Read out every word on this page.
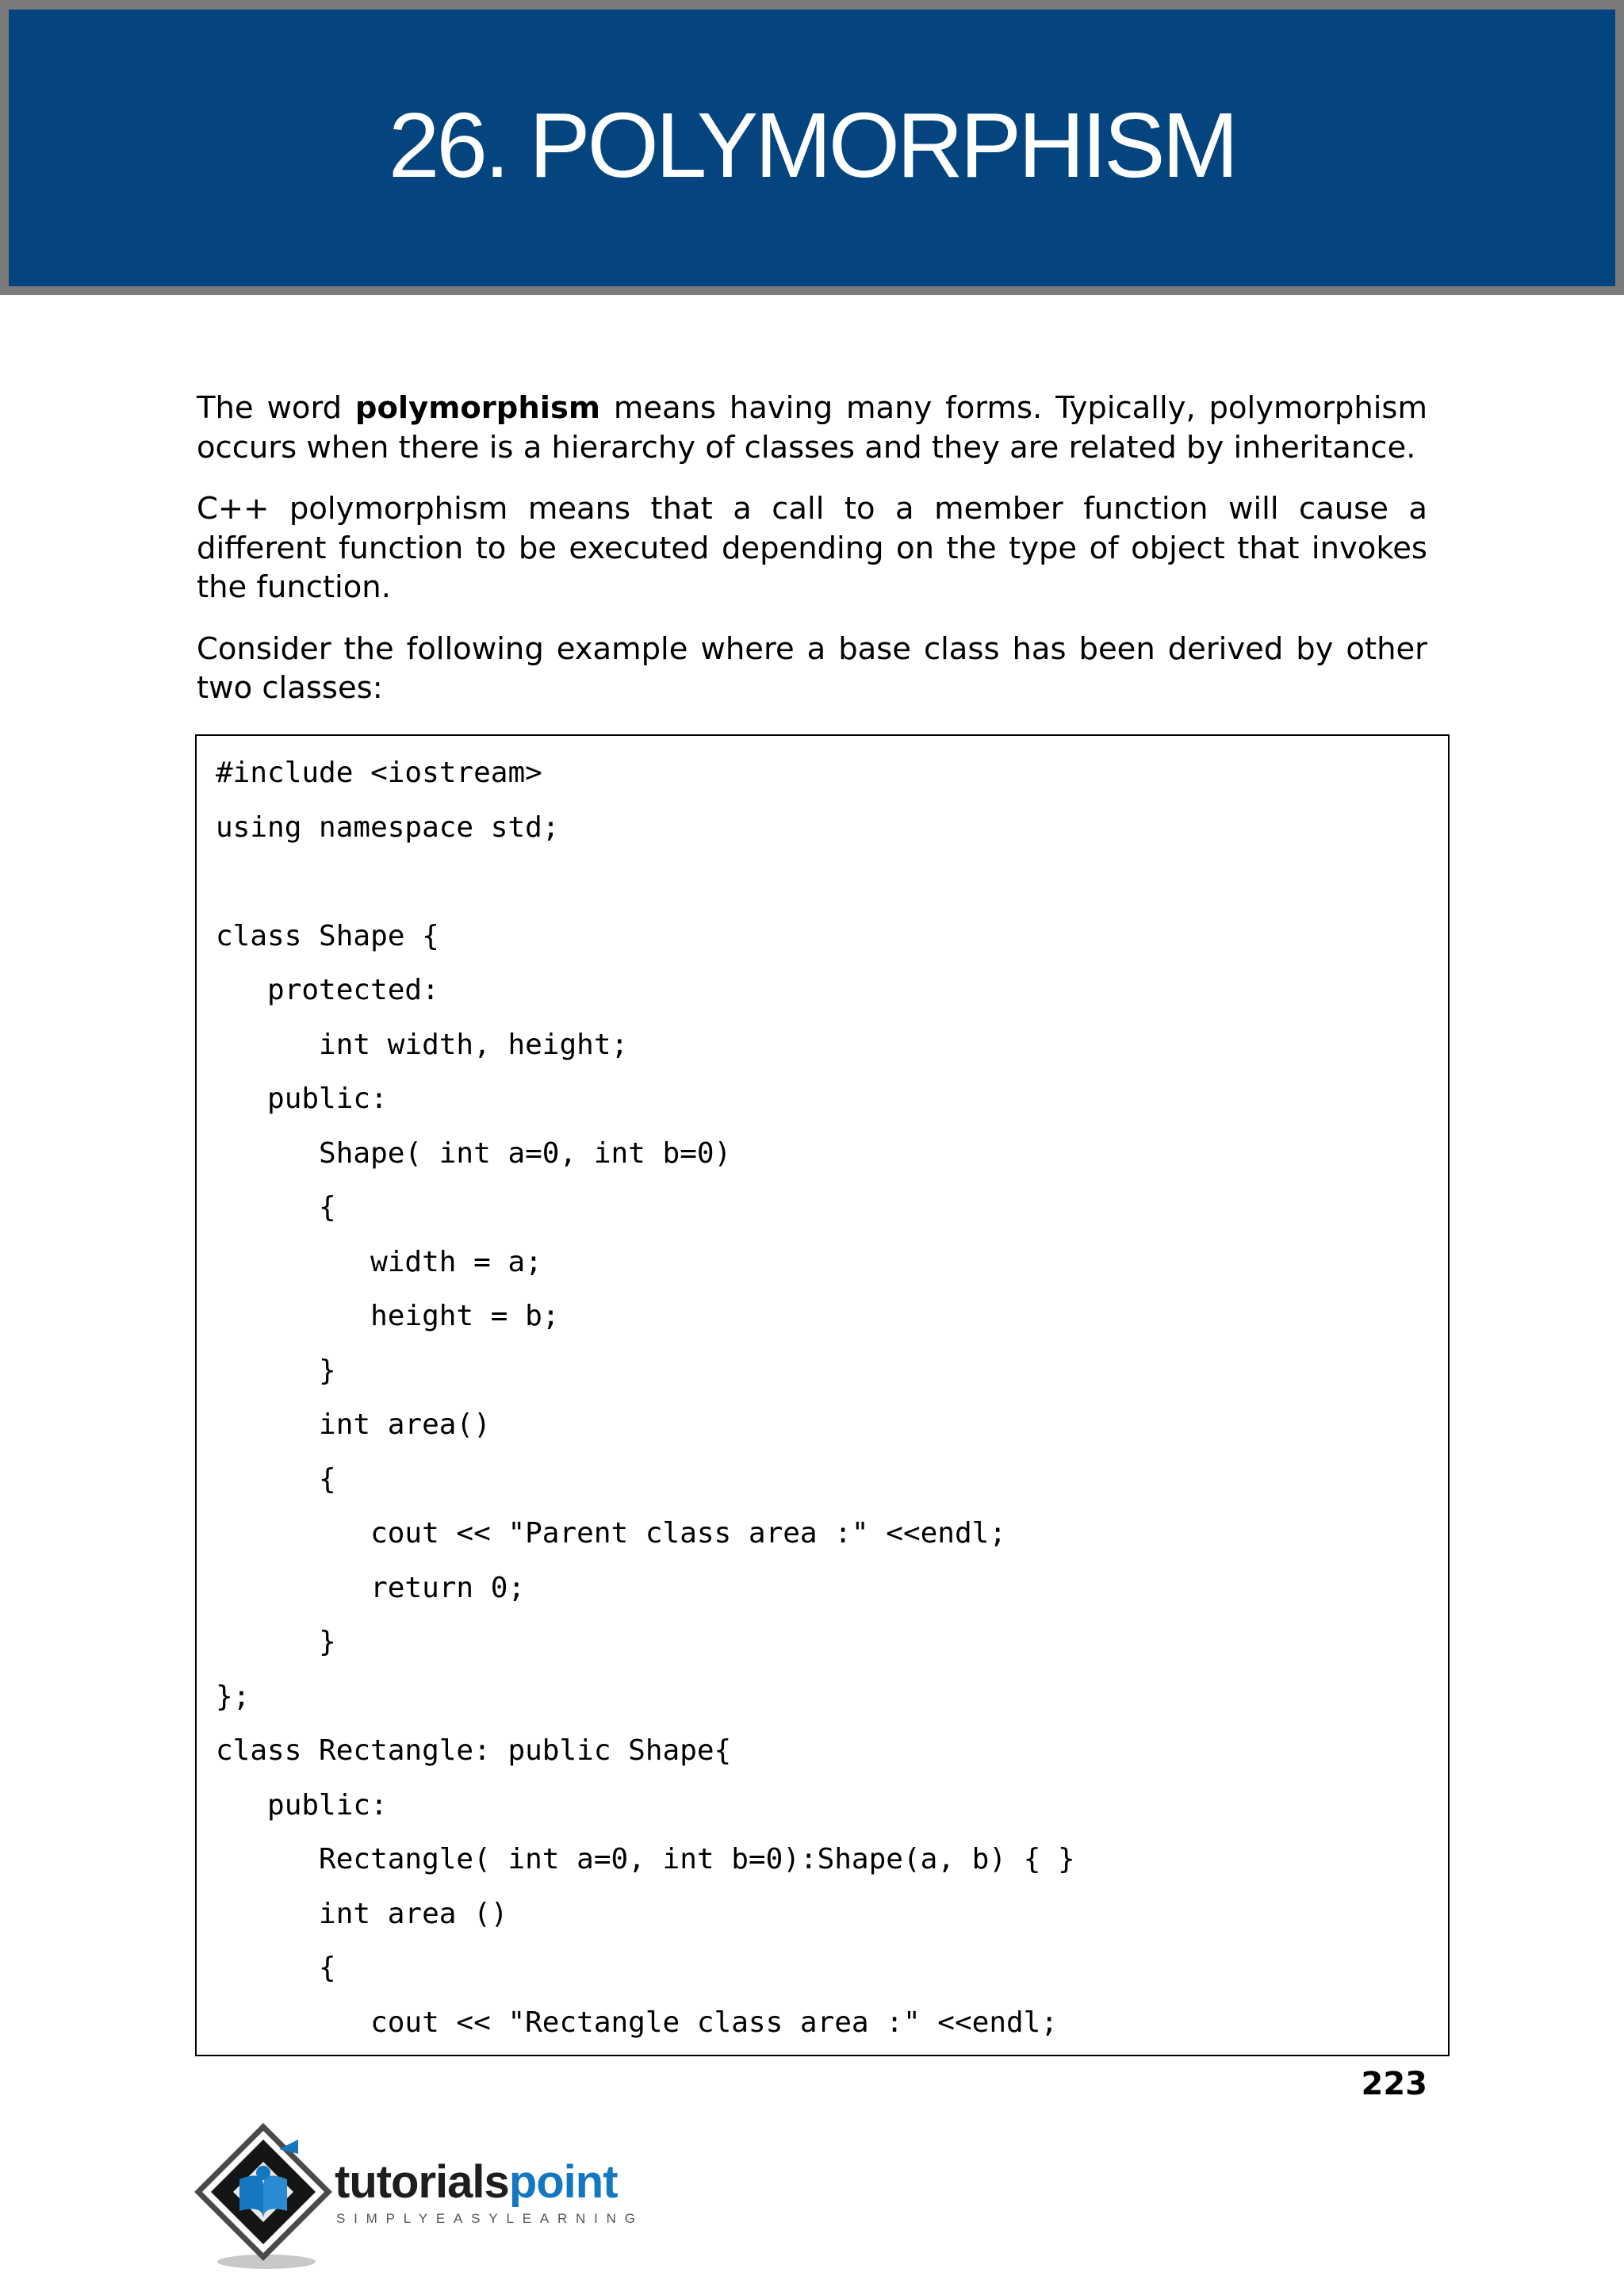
26. POLYMORPHISM

The word polymorphism means having many forms. Typically, polymorphism occurs when there is a hierarchy of classes and they are related by inheritance.

C++ polymorphism means that a call to a member function will cause a different function to be executed depending on the type of object that invokes the function.

Consider the following example where a base class has been derived by other two classes:

#include <iostream>
using namespace std;
class Shape {
protected:
int width, height;
public:
Shape( int a=0, int b=0)
{
width = a;
height = b;
}
int area()
{
cout << "Parent class area :" <<endl;
return 0;
}
};
class Rectangle: public Shape{
public:
Rectangle( int a=0, int b=0):Shape(a, b) { }
int area ()
{
cout << "Rectangle class area :" <<endl;
223
tutorialspoint
SIMPLYEASYLEARNING
